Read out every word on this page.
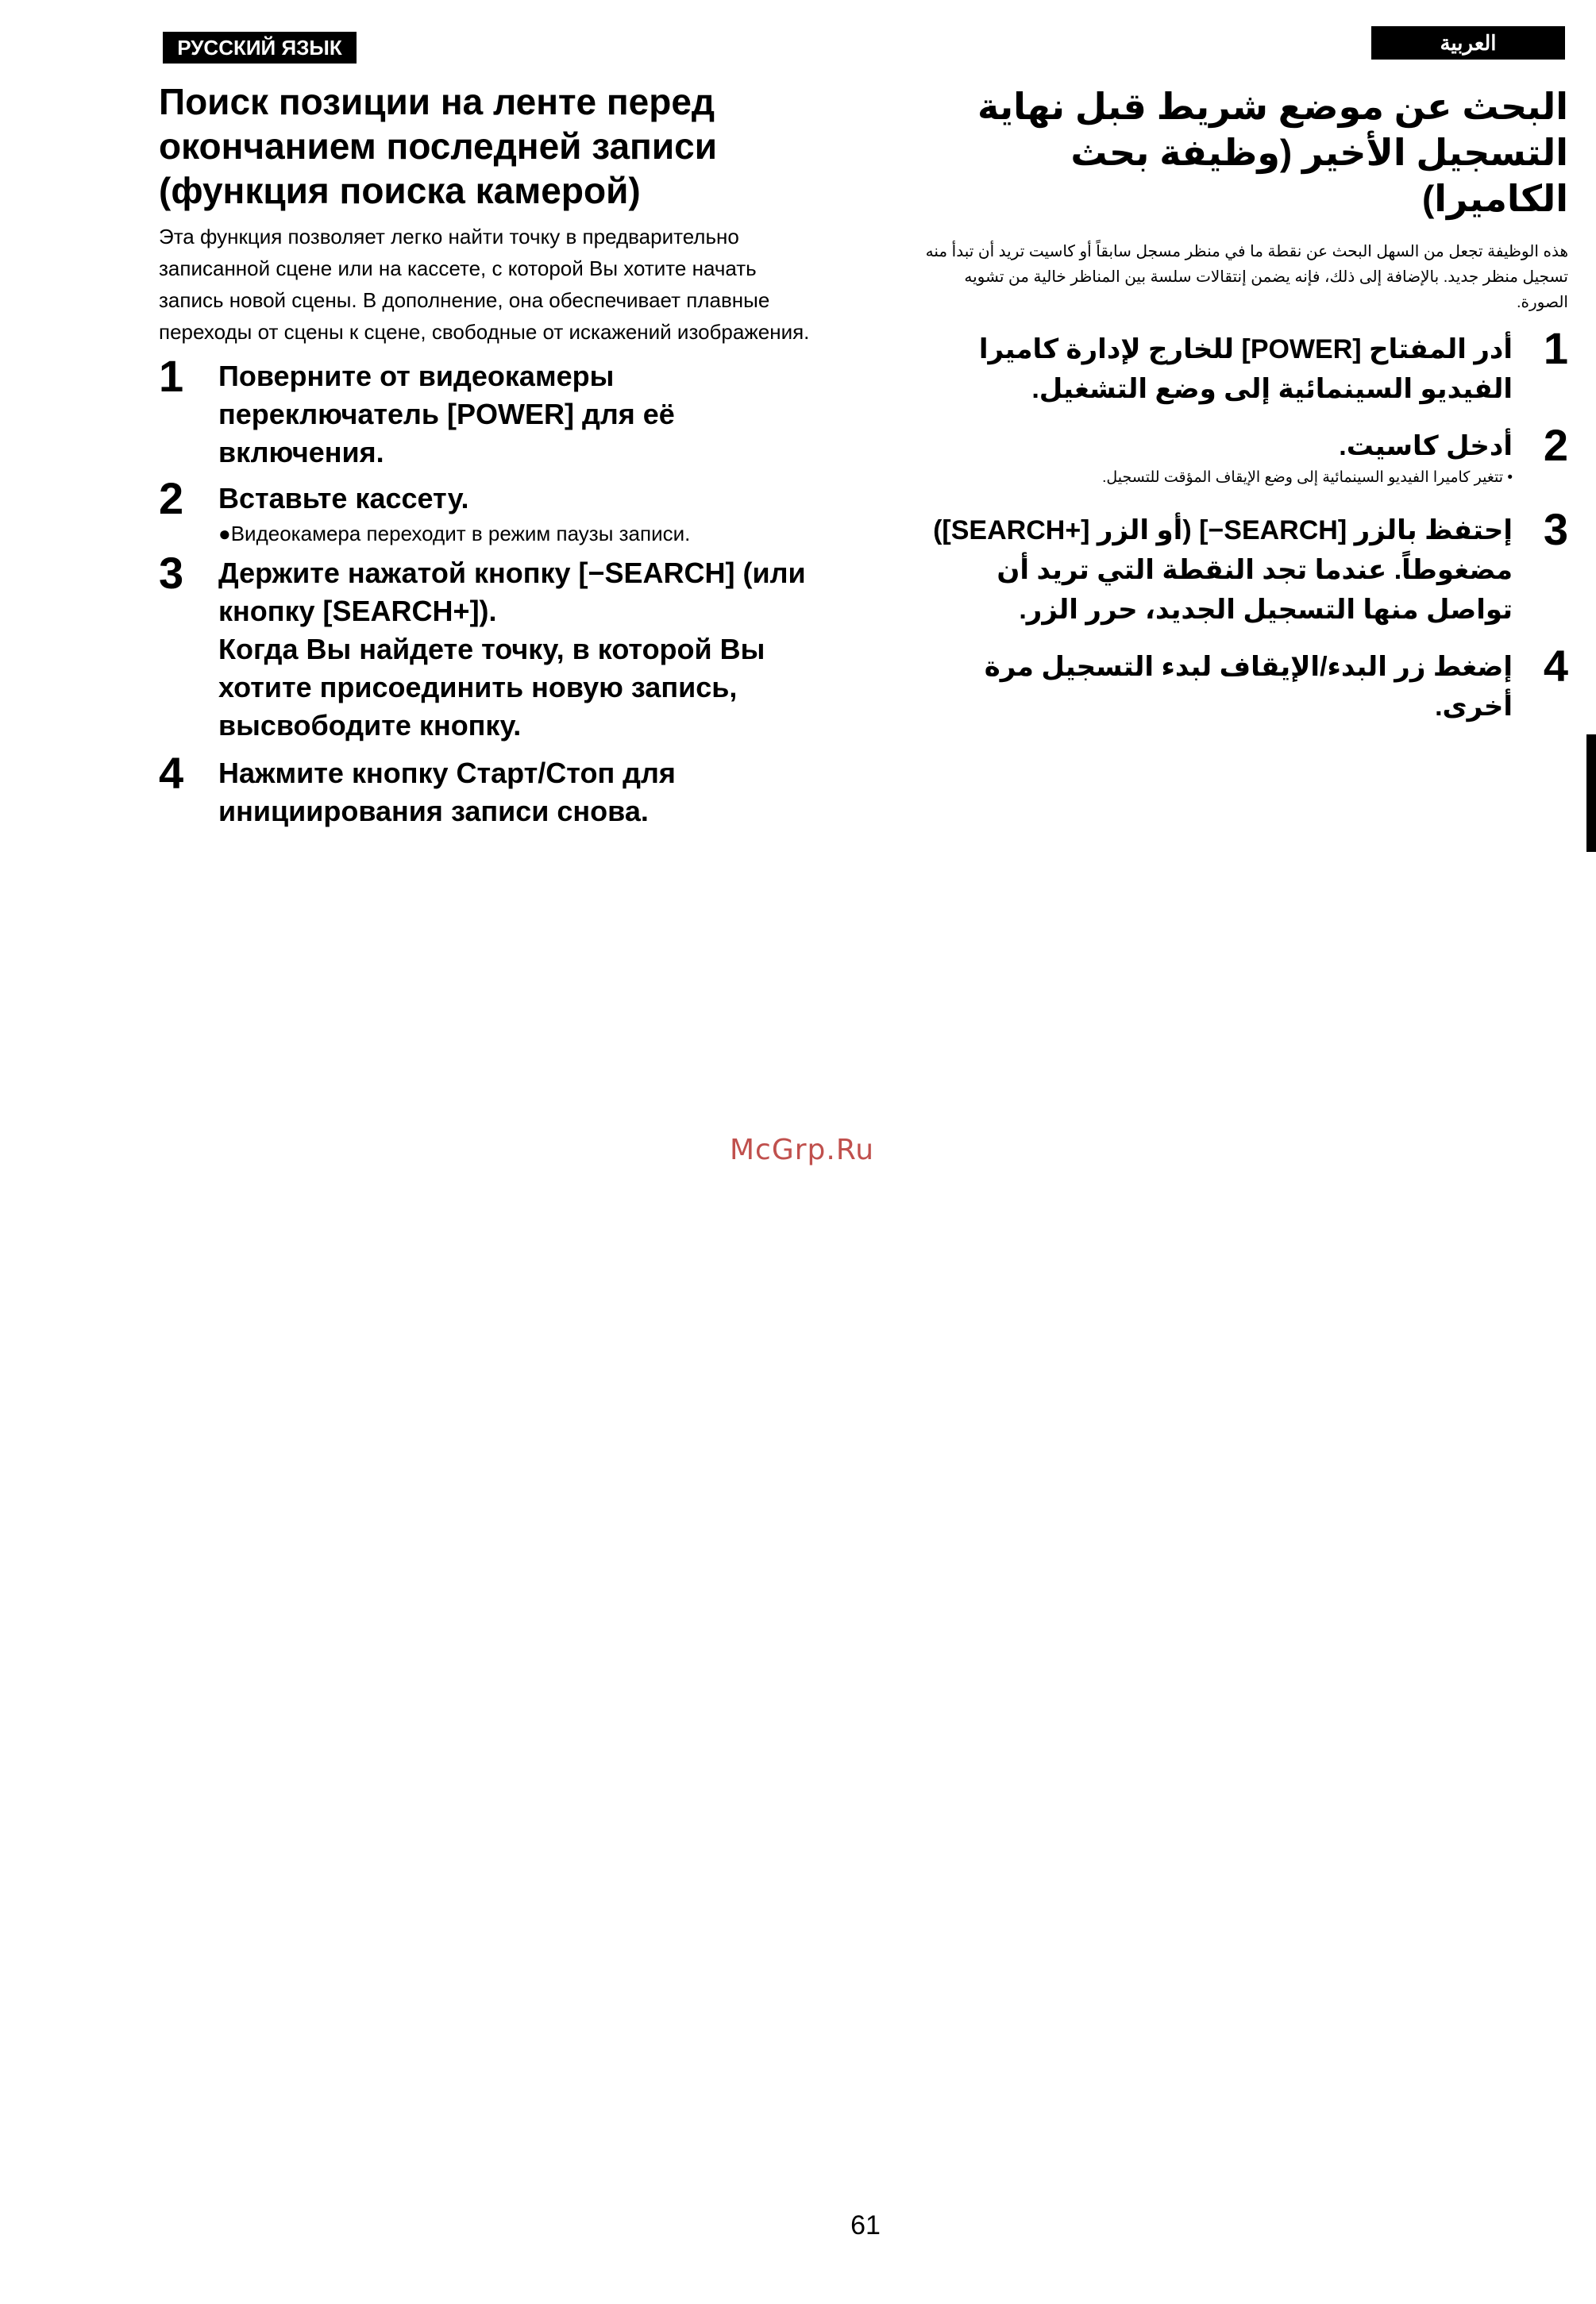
РУССКИЙ ЯЗЫК	العربية
Поиск позиции на ленте перед окончанием последней записи (функция поиска камерой)

Эта функция позволяет легко найти точку в предварительно записанной сцене или на кассете, с которой Вы хотите начать запись новой сцены. В дополнение, она обеспечивает плавные переходы от сцены к сцене, свободные от искажений изображения.

1 Поверните от видеокамеры переключатель [POWER] для её включения.
2 Вставьте кассету.
●Видеокамера переходит в режим паузы записи.
3 Держите нажатой кнопку [−SEARCH] (или кнопку [SEARCH+]).
Когда Вы найдете точку, в которой Вы хотите присоединить новую запись, высвободите кнопку.
4 Нажмите кнопку Старт/Стоп для инициирования записи снова.
البحث عن موضع شريط قبل نهاية التسجيل الأخير (وظيفة بحث الكاميرا)

هذه الوظيفة تجعل من السهل البحث عن نقطة ما في منظر مسجل سابقاً أو كاسيت تريد أن تبدأ منه تسجيل منظر جديد. بالإضافة إلى ذلك، فإنه يضمن إنتقالات سلسة بين المناظر خالية من تشويه الصورة.

1
أدر المفتاح [POWER] للخارج لإدارة كاميرا الفيديو السينمائية إلى وضع التشغيل.
2
أدخل كاسيت.
• تتغير كاميرا الفيديو السينمائية إلى وضع الإيقاف المؤقت للتسجيل.
3
إحتفظ بالزر [SEARCH−] (أو الزر [+SEARCH]) مضغوطاً. عندما تجد النقطة التي تريد أن تواصل منها التسجيل الجديد، حرر الزر.
4
إضغط زر البدء/الإيقاف لبدء التسجيل مرة أخرى.
McGrp.Ru
61
